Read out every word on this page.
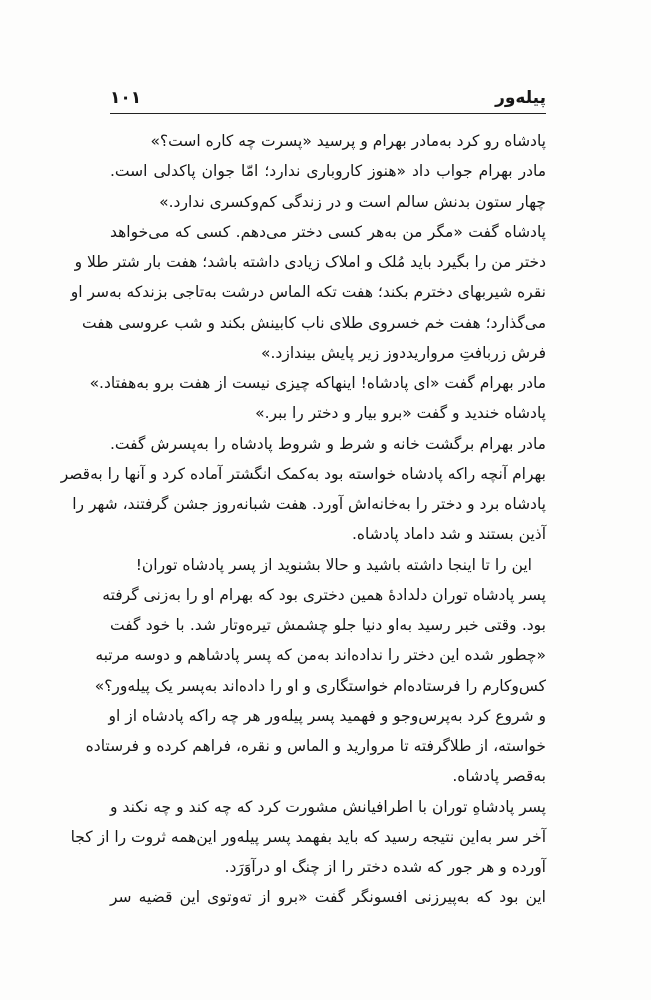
پیله‌ور
۱۰۱
پادشاه رو کرد به‌مادر بهرام و پرسید «پسرت چه کاره است؟»
مادر بهرام جواب داد «هنوز کاروباری ندارد؛ امّا جوان پاکدلی است.
چهار ستون بدنش سالم است و در زندگی کم‌وکسری ندارد.»
پادشاه گفت «مگر من به‌هر کسی دختر می‌دهم. کسی که می‌خواهد
دختر من را بگیرد باید مُلک و املاک زیادی داشته باشد؛ هفت بار شتر طلا و
نقره شیربهای دخترم بکند؛ هفت تکه الماس درشت به‌تاجی بزندکه به‌سر او
می‌گذارد؛ هفت خم خسروی طلای ناب کابینش بکند و شب عروسی هفت
فرش زربافتِ مرواریددوز زیر پایش بیندازد.»
مادر بهرام گفت «ای پادشاه! اینهاکه چیزی نیست از هفت برو به‌هفتاد.»
پادشاه خندید و گفت «برو بیار و دختر را ببر.»
مادر بهرام برگشت خانه و شرط و شروط پادشاه را به‌پسرش گفت.
بهرام آنچه راکه پادشاه خواسته بود به‌کمک انگشتر آماده کرد و آنها را به‌قصر
پادشاه برد و دختر را به‌خانه‌اش آورد. هفت شبانه‌روز جشن گرفتند، شهر را
آذین بستند و شد داماد پادشاه.
این را تا اینجا داشته باشید و حالا بشنوید از پسر پادشاه توران!
پسر پادشاه توران دلدادهٔ همین دختری بود که بهرام او را به‌زنی گرفته
بود. وقتی خبر رسید به‌او دنیا جلو چشمش تیره‌وتار شد. با خود گفت
«چطور شده این دختر را نداده‌اند به‌من که پسر پادشاهم و دوسه مرتبه
کس‌وکارم را فرستاده‌ام خواستگاری و او را داده‌اند به‌پسر یک پیله‌ور؟»
و شروع کرد به‌پرس‌وجو و فهمید پسر پیله‌ور هر چه راکه پادشاه از او
خواسته، از طلاگرفته تا مروارید و الماس و نقره، فراهم کرده و فرستاده
به‌قصر پادشاه.
پسر پادشاهِ توران با اطرافیانش مشورت کرد که چه کند و چه نکند و
آخر سر به‌این نتیجه رسید که باید بفهمد پسر پیله‌ور این‌همه ثروت را از کجا
آورده و هر جور که شده دختر را از چنگ او درآوَرَد.
این بود که به‌پیرزنی افسونگر گفت «برو از تەوتوی این قضیه سر
